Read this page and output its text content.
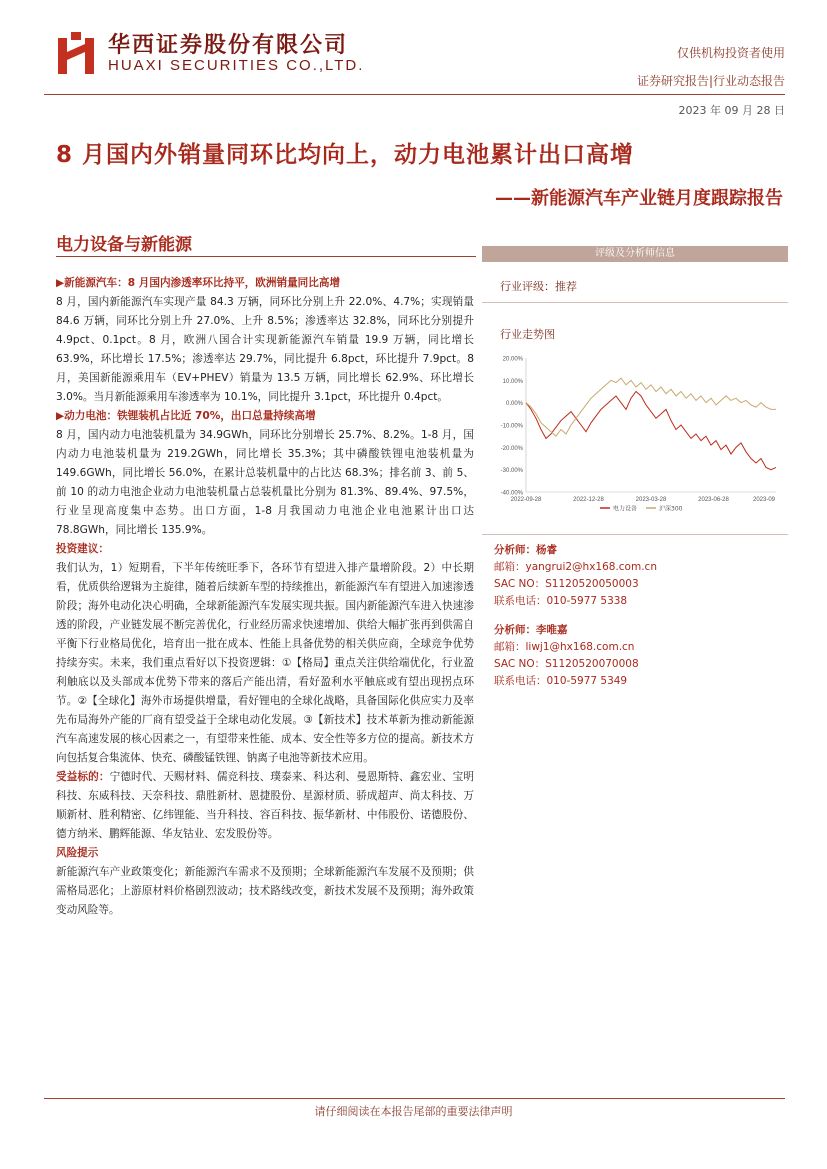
华西证券股份有限公司
HUAXI SECURITIES CO.,LTD.
仅供机构投资者使用
证券研究报告|行业动态报告
2023 年 09 月 28 日
8 月国内外销量同环比均向上，动力电池累计出口高增
——新能源汽车产业链月度跟踪报告
电力设备与新能源
▶新能源汽车：8 月国内渗透率环比持平，欧洲销量同比高增

8 月，国内新能源汽车实现产量 84.3 万辆，同环比分别上升 22.0%、4.7%；实现销量 84.6 万辆，同环比分别上升 27.0%、上升 8.5%；渗透率达 32.8%，同环比分别提升 4.9pct、0.1pct。8 月，欧洲八国合计实现新能源汽车销量 19.9 万辆，同比增长 63.9%，环比增长 17.5%；渗透率达 29.7%，同比提升 6.8pct，环比提升 7.9pct。8 月，美国新能源乘用车（EV+PHEV）销量为 13.5 万辆，同比增长 62.9%、环比增长 3.0%。当月新能源乘用车渗透率为 10.1%，同比提升 3.1pct，环比提升 0.4pct。

▶动力电池：铁锂装机占比近 70%，出口总量持续高增

8 月，国内动力电池装机量为 34.9GWh，同环比分别增长 25.7%、8.2%。1-8 月，国内动力电池装机量为 219.2GWh，同比增长 35.3%；其中磷酸铁锂电池装机量为 149.6GWh，同比增长 56.0%，在累计总装机量中的占比达 68.3%；排名前 3、前 5、前 10 的动力电池企业动力电池装机量占总装机量比分别为 81.3%、89.4%、97.5%，行业呈现高度集中态势。出口方面，1-8 月我国动力电池企业电池累计出口达 78.8GWh，同比增长 135.9%。

投资建议：

我们认为，1）短期看，下半年传统旺季下，各环节有望进入排产量增阶段。2）中长期看，优质供给逻辑为主旋律，随着后续新车型的持续推出，新能源汽车有望进入加速渗透阶段；海外电动化决心明确，全球新能源汽车发展实现共振。国内新能源汽车进入快速渗透的阶段，产业链发展不断完善优化，行业经历需求快速增加、供给大幅扩张再到供需自平衡下行业格局优化，培育出一批在成本、性能上具备优势的相关供应商，全球竞争优势持续夯实。未来，我们重点看好以下投资逻辑：①【格局】重点关注供给端优化，行业盈利触底以及头部成本优势下带来的落后产能出清，看好盈利水平触底或有望出现拐点环节。②【全球化】海外市场提供增量，看好锂电的全球化战略，具备国际化供应实力及率先布局海外产能的厂商有望受益于全球电动化发展。③【新技术】技术革新为推动新能源汽车高速发展的核心因素之一，有望带来性能、成本、安全性等多方位的提高。新技术方向包括复合集流体、快充、磷酸锰铁锂、钠离子电池等新技术应用。

受益标的：宁德时代、天赐材料、儒竞科技、璞泰来、科达利、曼恩斯特、鑫宏业、宝明科技、东威科技、天奈科技、鼎胜新材、恩捷股份、星源材质、骄成超声、尚太科技、万顺新材、胜利精密、亿纬锂能、当升科技、容百科技、振华新材、中伟股份、诺德股份、德方纳米、鹏辉能源、华友钴业、宏发股份等。

风险提示

新能源汽车产业政策变化；新能源汽车需求不及预期；全球新能源汽车发展不及预期；供需格局恶化；上游原材料价格剧烈波动；技术路线改变，新技术发展不及预期；海外政策变动风险等。

评级及分析师信息
行业评级：推荐
行业走势图
20.00%
10.00%
0.00%
-10.00%
-20.00%
-30.00%
-40.00%
2022-09-28	2022-12-28	2023-03-28	2023-06-28	2023-09
电力设备	沪深300
分析师：杨睿
邮箱：yangrui2@hx168.com.cn
SAC NO：S1120520050003
联系电话：010-5977 5338
分析师：李唯嘉
邮箱：liwj1@hx168.com.cn
SAC NO：S1120520070008
联系电话：010-5977 5349
请仔细阅读在本报告尾部的重要法律声明
